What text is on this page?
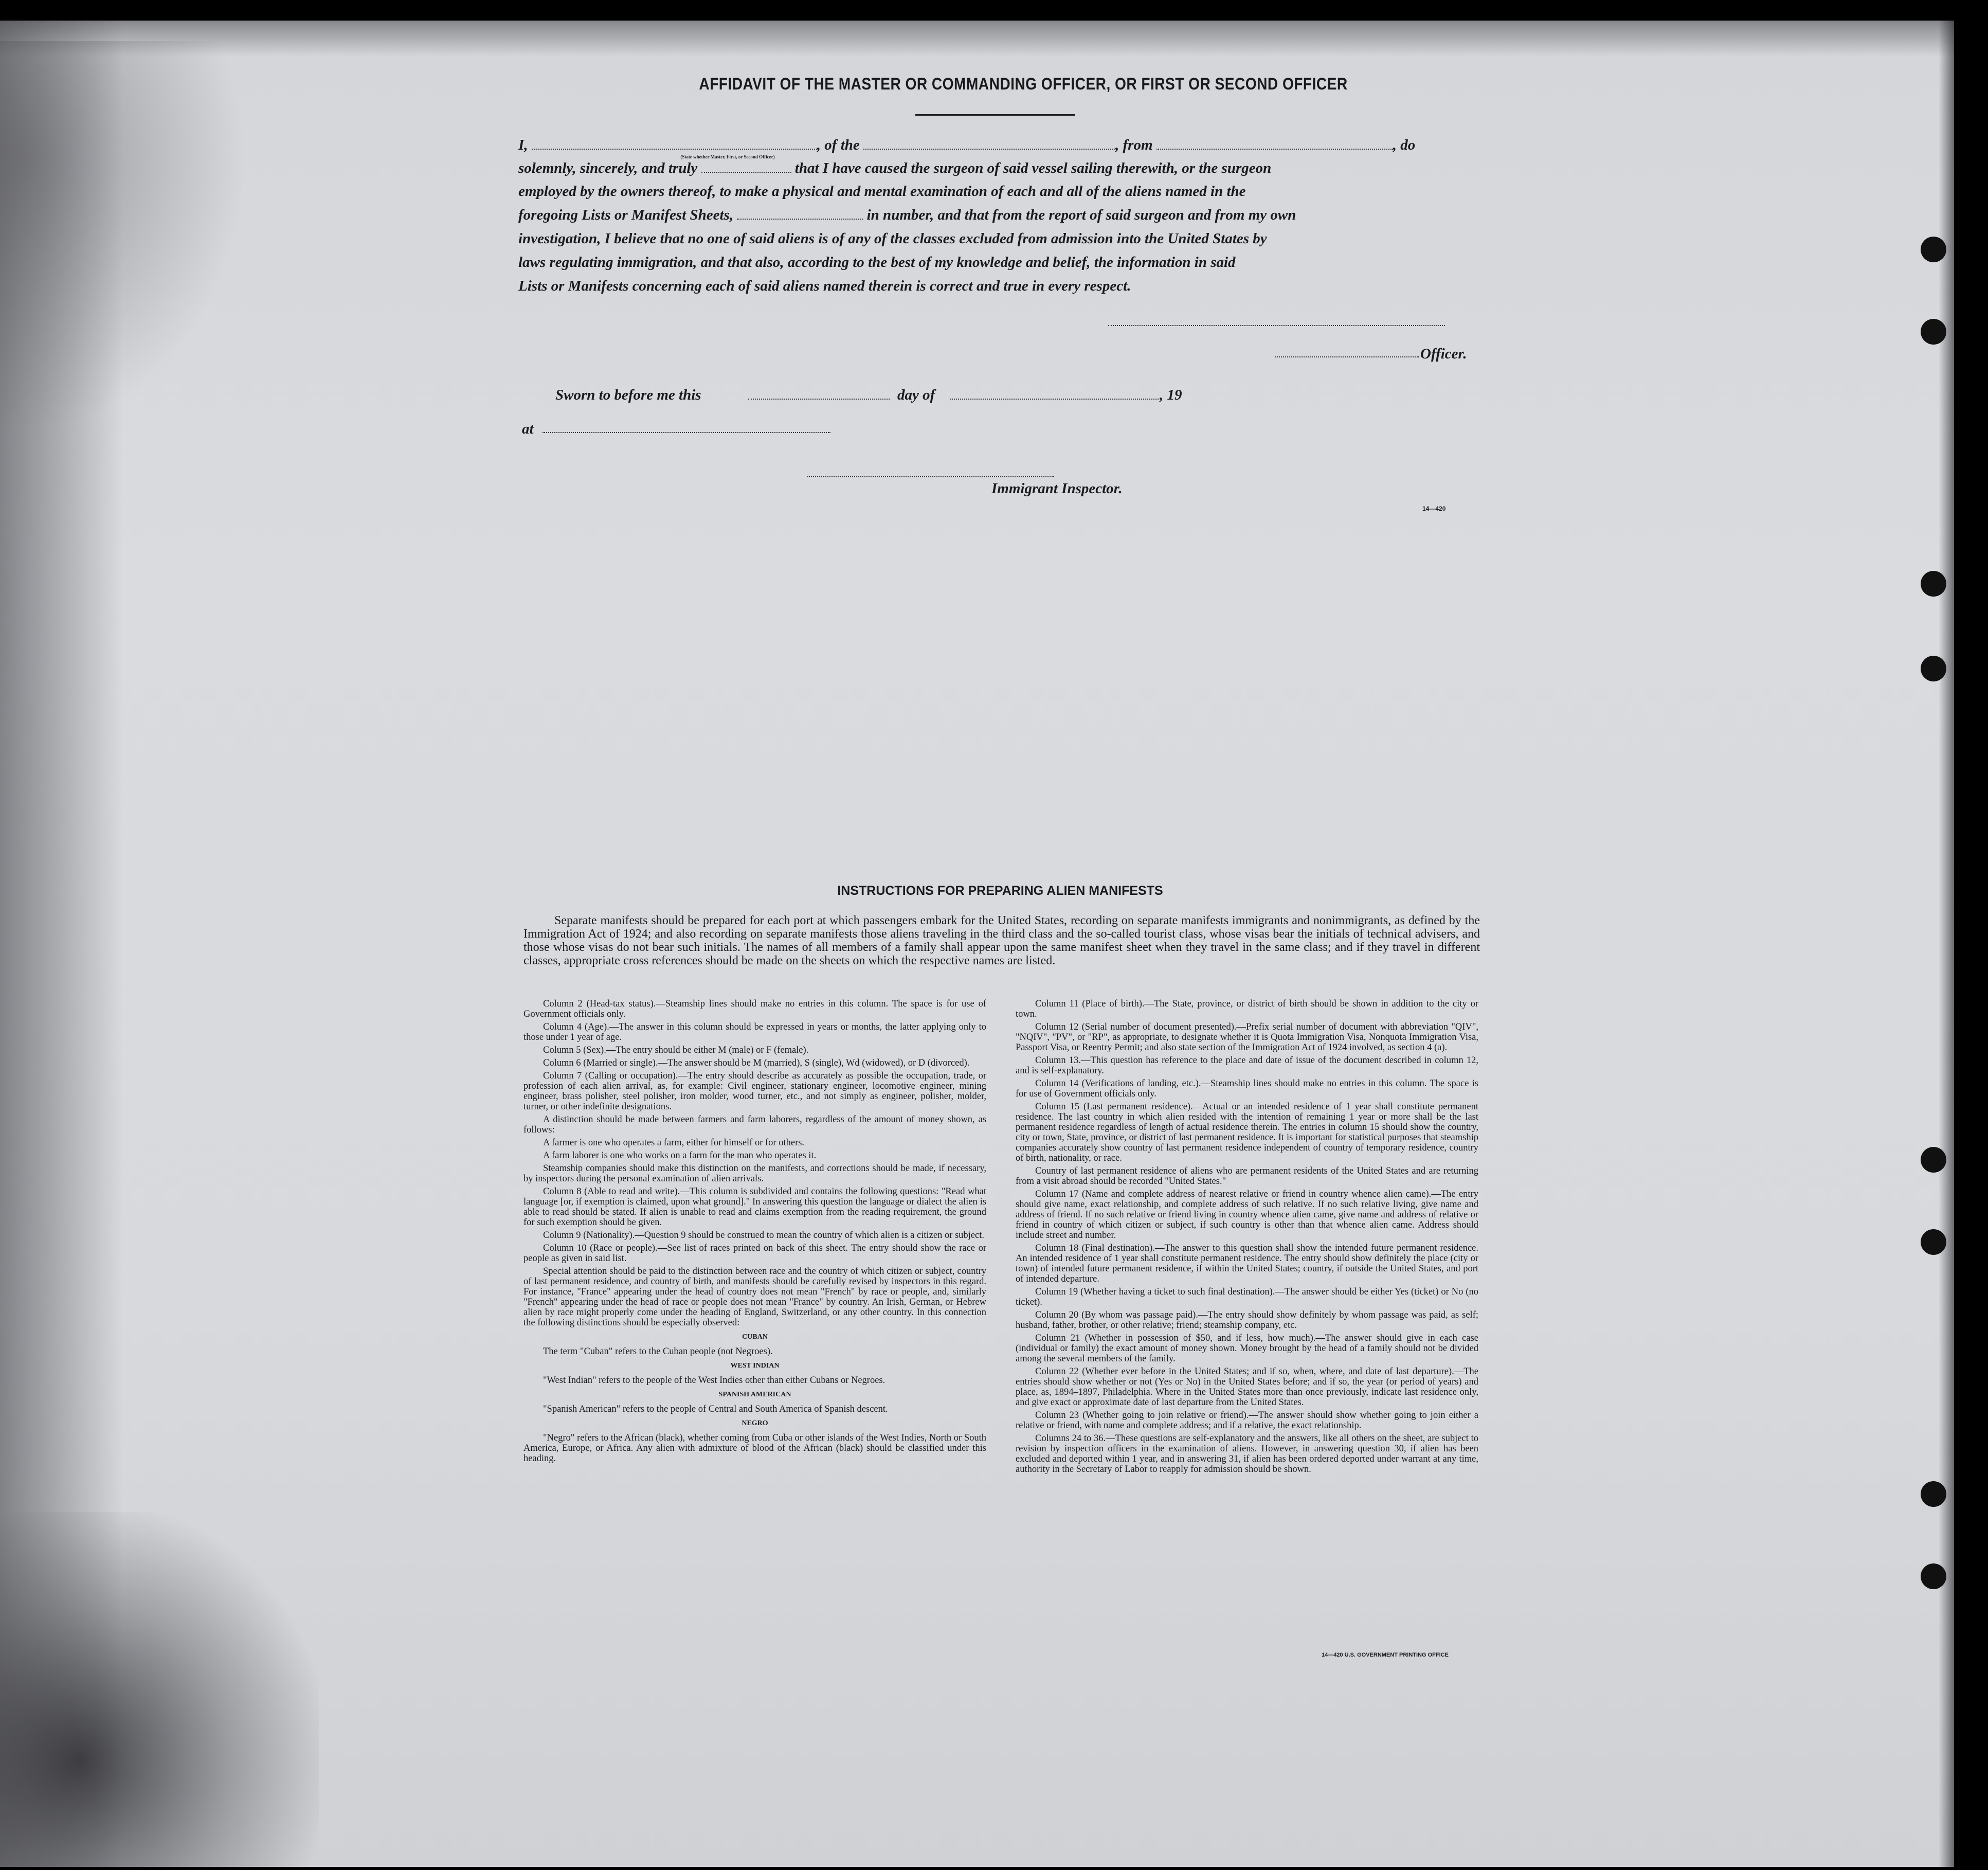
AFFIDAVIT OF THE MASTER OR COMMANDING OFFICER, OR FIRST OR SECOND OFFICER
I,	, of the	, from	, do
(State whether Master, First, or Second Officer)
solemnly, sincerely, and truly	that I have caused the surgeon of said vessel sailing therewith, or the surgeon
employed by the owners thereof, to make a physical and mental examination of each and all of the aliens named in the
foregoing Lists or Manifest Sheets,	in number, and that from the report of said surgeon and from my own
investigation, I believe that no one of said aliens is of any of the classes excluded from admission into the United States by
laws regulating immigration, and that also, according to the best of my knowledge and belief, the information in said
Lists or Manifests concerning each of said aliens named therein is correct and true in every respect.
Officer.
Sworn to before me this	day of	, 19
at
Immigrant Inspector.
14—420
INSTRUCTIONS FOR PREPARING ALIEN MANIFESTS
Separate manifests should be prepared for each port at which passengers embark for the United States, recording on separate manifests immigrants and nonimmigrants, as defined by the Immigration Act of 1924; and also recording on separate manifests those aliens traveling in the third class and the so-called tourist class, whose visas bear the initials of technical advisers, and those whose visas do not bear such initials. The names of all members of a family shall appear upon the same manifest sheet when they travel in the same class; and if they travel in different classes, appropriate cross references should be made on the sheets on which the respective names are listed.

Column 2 (Head-tax status).—Steamship lines should make no entries in this column. The space is for use of Government officials only.

Column 4 (Age).—The answer in this column should be expressed in years or months, the latter applying only to those under 1 year of age.

Column 5 (Sex).—The entry should be either M (male) or F (female).

Column 6 (Married or single).—The answer should be M (married), S (single), Wd (widowed), or D (divorced).

Column 7 (Calling or occupation).—The entry should describe as accurately as possible the occupation, trade, or profession of each alien arrival, as, for example: Civil engineer, stationary engineer, locomotive engineer, mining engineer, brass polisher, steel polisher, iron molder, wood turner, etc., and not simply as engineer, polisher, molder, turner, or other indefinite designations.

A distinction should be made between farmers and farm laborers, regardless of the amount of money shown, as follows:

A farmer is one who operates a farm, either for himself or for others.

A farm laborer is one who works on a farm for the man who operates it.

Steamship companies should make this distinction on the manifests, and corrections should be made, if necessary, by inspectors during the personal examination of alien arrivals.

Column 8 (Able to read and write).—This column is subdivided and contains the following questions: "Read what language [or, if exemption is claimed, upon what ground]." In answering this question the language or dialect the alien is able to read should be stated. If alien is unable to read and claims exemption from the reading requirement, the ground for such exemption should be given.

Column 9 (Nationality).—Question 9 should be construed to mean the country of which alien is a citizen or subject.

Column 10 (Race or people).—See list of races printed on back of this sheet. The entry should show the race or people as given in said list.

Special attention should be paid to the distinction between race and the country of which citizen or subject, country of last permanent residence, and country of birth, and manifests should be carefully revised by inspectors in this regard. For instance, "France" appearing under the head of country does not mean "French" by race or people, and, similarly "French" appearing under the head of race or people does not mean "France" by country. An Irish, German, or Hebrew alien by race might properly come under the heading of England, Switzerland, or any other country. In this connection the following distinctions should be especially observed:

CUBAN

The term "Cuban" refers to the Cuban people (not Negroes).

WEST INDIAN

"West Indian" refers to the people of the West Indies other than either Cubans or Negroes.

SPANISH AMERICAN

"Spanish American" refers to the people of Central and South America of Spanish descent.

NEGRO

"Negro" refers to the African (black), whether coming from Cuba or other islands of the West Indies, North or South America, Europe, or Africa. Any alien with admixture of blood of the African (black) should be classified under this heading.

Column 11 (Place of birth).—The State, province, or district of birth should be shown in addition to the city or town.

Column 12 (Serial number of document presented).—Prefix serial number of document with abbreviation "QIV", "NQIV", "PV", or "RP", as appropriate, to designate whether it is Quota Immigration Visa, Nonquota Immigration Visa, Passport Visa, or Reentry Permit; and also state section of the Immigration Act of 1924 involved, as section 4 (a).

Column 13.—This question has reference to the place and date of issue of the document described in column 12, and is self-explanatory.

Column 14 (Verifications of landing, etc.).—Steamship lines should make no entries in this column. The space is for use of Government officials only.

Column 15 (Last permanent residence).—Actual or an intended residence of 1 year shall constitute permanent residence. The last country in which alien resided with the intention of remaining 1 year or more shall be the last permanent residence regardless of length of actual residence therein. The entries in column 15 should show the country, city or town, State, province, or district of last permanent residence. It is important for statistical purposes that steamship companies accurately show country of last permanent residence independent of country of temporary residence, country of birth, nationality, or race.

Country of last permanent residence of aliens who are permanent residents of the United States and are returning from a visit abroad should be recorded "United States."

Column 17 (Name and complete address of nearest relative or friend in country whence alien came).—The entry should give name, exact relationship, and complete address of such relative. If no such relative living, give name and address of friend. If no such relative or friend living in country whence alien came, give name and address of relative or friend in country of which citizen or subject, if such country is other than that whence alien came. Address should include street and number.

Column 18 (Final destination).—The answer to this question shall show the intended future permanent residence. An intended residence of 1 year shall constitute permanent residence. The entry should show definitely the place (city or town) of intended future permanent residence, if within the United States; country, if outside the United States, and port of intended departure.

Column 19 (Whether having a ticket to such final destination).—The answer should be either Yes (ticket) or No (no ticket).

Column 20 (By whom was passage paid).—The entry should show definitely by whom passage was paid, as self; husband, father, brother, or other relative; friend; steamship company, etc.

Column 21 (Whether in possession of $50, and if less, how much).—The answer should give in each case (individual or family) the exact amount of money shown. Money brought by the head of a family should not be divided among the several members of the family.

Column 22 (Whether ever before in the United States; and if so, when, where, and date of last departure).—The entries should show whether or not (Yes or No) in the United States before; and if so, the year (or period of years) and place, as, 1894–1897, Philadelphia. Where in the United States more than once previously, indicate last residence only, and give exact or approximate date of last departure from the United States.

Column 23 (Whether going to join relative or friend).—The answer should show whether going to join either a relative or friend, with name and complete address; and if a relative, the exact relationship.

Columns 24 to 36.—These questions are self-explanatory and the answers, like all others on the sheet, are subject to revision by inspection officers in the examination of aliens. However, in answering question 30, if alien has been excluded and deported within 1 year, and in answering 31, if alien has been ordered deported under warrant at any time, authority in the Secretary of Labor to reapply for admission should be shown.

14—420 U.S. GOVERNMENT PRINTING OFFICE
